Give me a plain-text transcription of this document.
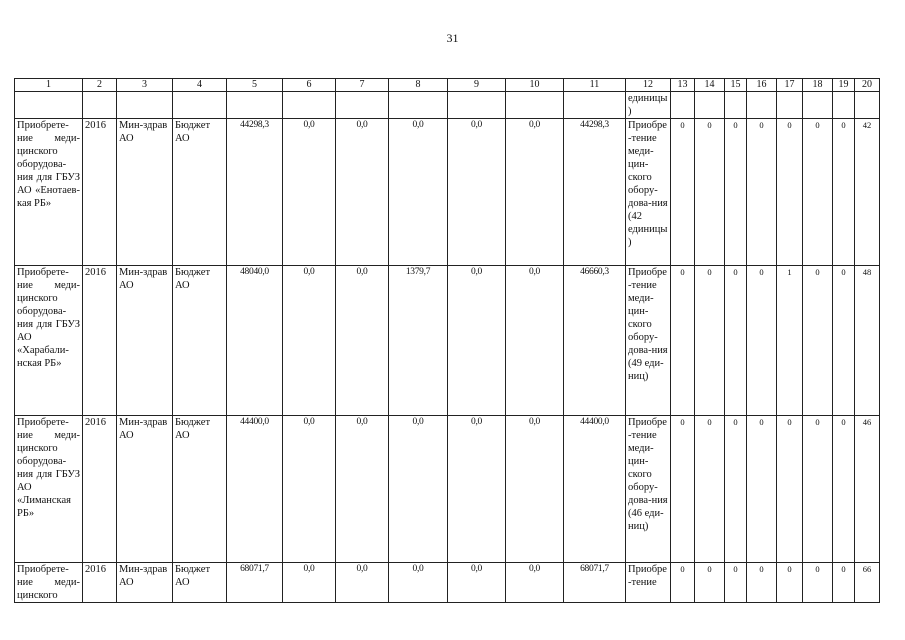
31
1	2	3	4	5	6	7	8	9	10	11	12	13	14	15	16	17	18	19	20
											единицы)								
Приобрете-ние меди-цинского оборудова-ния для ГБУЗ АО «Енотаев-кая РБ»	2016	Мин-здрав АО	Бюджет АО	44298,3	0,0	0,0	0,0	0,0	0,0	44298,3	Приобре-тение меди-цин-ского обору-дова-ния (42 единицы)	0	0	0	0	0	0	0	42
Приобрете-ние меди-цинского оборудова-ния для ГБУЗ АО «Харабали-нская РБ»	2016	Мин-здрав АО	Бюджет АО	48040,0	0,0	0,0	1379,7	0,0	0,0	46660,3	Приобре-тение меди-цин-ского обору-дова-ния (49 еди-ниц)	0	0	0	0	1	0	0	48
Приобрете-ние меди-цинского оборудова-ния для ГБУЗ АО «Лиманская РБ»	2016	Мин-здрав АО	Бюджет АО	44400,0	0,0	0,0	0,0	0,0	0,0	44400,0	Приобре-тение меди-цин-ского обору-дова-ния (46 еди-ниц)	0	0	0	0	0	0	0	46
Приобрете-ние меди-цинского	2016	Мин-здрав АО	Бюджет АО	68071,7	0,0	0,0	0,0	0,0	0,0	68071,7	Приобре-тение	0	0	0	0	0	0	0	66
